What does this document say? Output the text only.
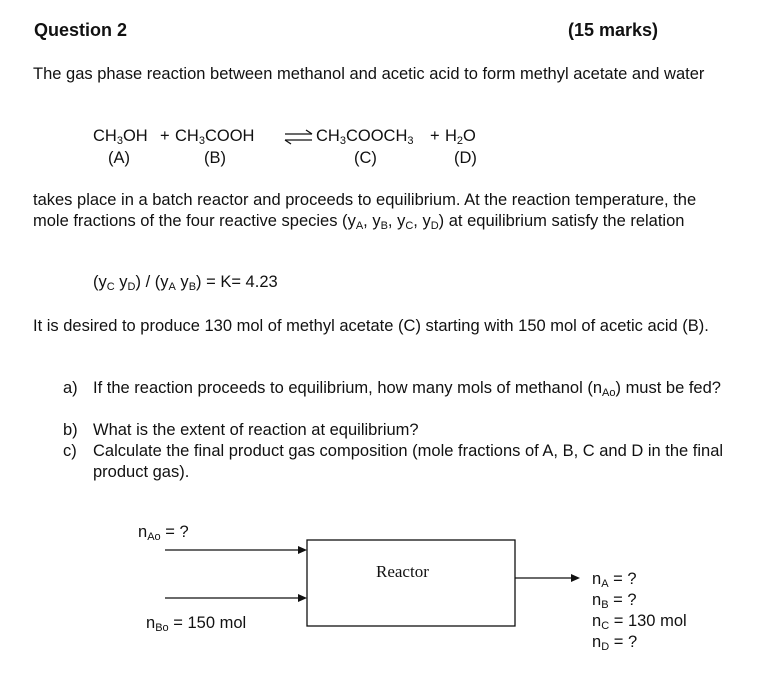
Question 2	(15 marks)
The gas phase reaction between methanol and acetic acid to form methyl acetate and water
$CH_3OH$ + $CH_3COOH$	$CH_3COOCH_3 + H_2O$
(A)	(B)	(C)	(D)
takes place in a batch reactor and proceeds to equilibrium. At the reaction temperature, the mole fractions of the four reactive species ($y_A$, $y_B$, $y_C$, $y_D$) at equilibrium satisfy the relation
($y_C$ $y_D) / (y_A$ $y_B) = K= 4.23$
It is desired to produce 130 mol of methyl acetate (C) starting with 150 mol of acetic acid (B).
a) If the reaction proceeds to equilibrium, how many mols of methanol $(n_{Ao})$ must be fed?
b) What is the extent of reaction at equilibrium?
c) Calculate the final product gas composition (mole fractions of A, B, C and D in the final product gas).
Reactor
$n_{Ao}$ = ?
$n_{Bo} = 150$ mol
$n_A$ = ?
$n_B$ = ?
$n_C = 130$ mol
$n_D$ = ?
